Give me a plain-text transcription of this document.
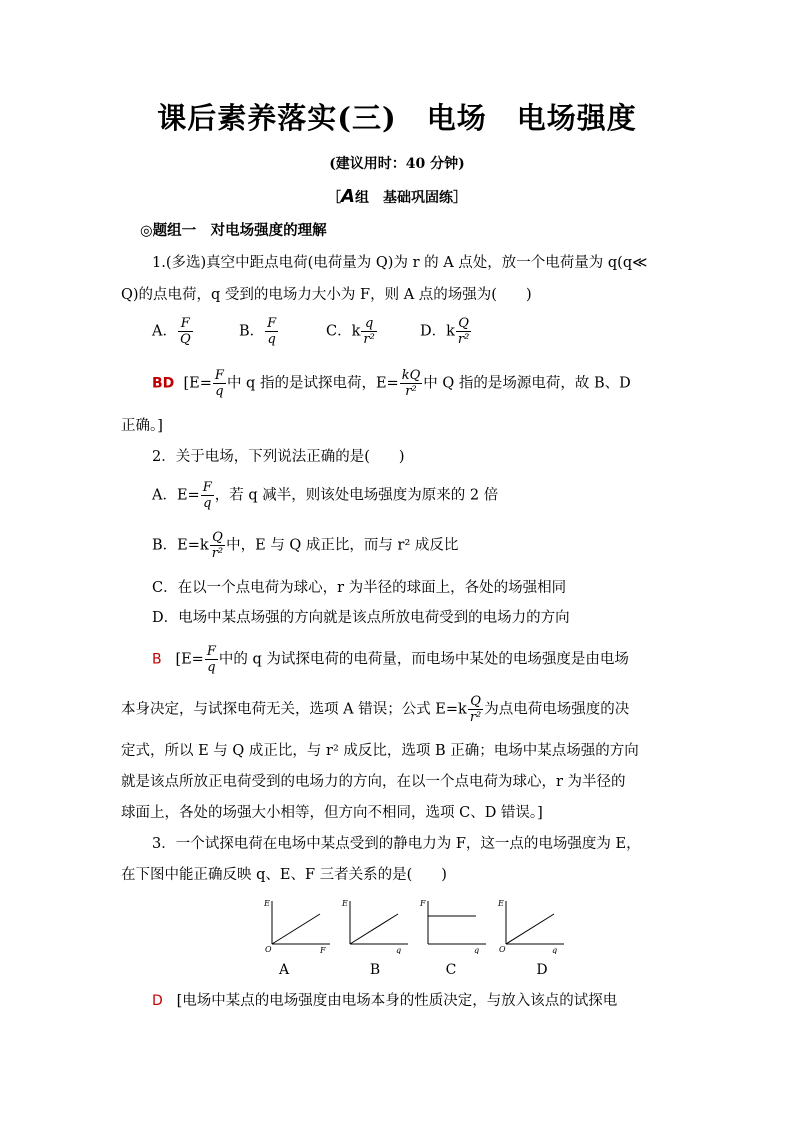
课后素养落实(三)　电场　电场强度
(建议用时：40 分钟)
［A组　基础巩固练］
◎题组一　对电场强度的理解
1.(多选)真空中距点电荷(电荷量为 Q)为 r 的 A 点处，放一个电荷量为 q(q≪
Q)的点电荷，q 受到的电场力大小为 F，则 A 点的场强为(　　)
A． $\frac{F}{Q}$	B． $\frac{F}{q}$	C．k $\frac{q}{\text{r²}}$	D．k $\frac{Q}{\text{r²}}$
BD [$E= \frac{F}{q}$ 中 q 指的是试探电荷，$E= \frac{kQ}{\text{r²}}$ 中 Q 指的是场源电荷，故 B、D
正确。]
2．关于电场，下列说法正确的是(　　)
A．$E= \frac{F}{q}$ ，若 q 减半，则该处电场强度为原来的 2 倍
B．$E=k \frac{Q}{\text{r²}}$ 中，E 与 Q 成正比，而与 r² 成反比
C．在以一个点电荷为球心，r 为半径的球面上，各处的场强相同
D．电场中某点场强的方向就是该点所放电荷受到的电场力的方向
B [$E= \frac{F}{q}$ 中的 q 为试探电荷的电荷量，而电场中某处的电场强度是由电场
本身决定，与试探电荷无关，选项 A 错误；公式 $E=k \frac{Q}{\text{r²}}$ 为点电荷电场强度的决
定式，所以 E 与 Q 成正比，与 r² 成反比，选项 B 正确；电场中某点场强的方向
就是该点所放正电荷受到的电场力的方向，在以一个点电荷为球心，r 为半径的
球面上，各处的场强大小相等，但方向不相同，选项 C、D 错误。]
3．一个试探电荷在电场中某点受到的静电力为 F，这一点的电场强度为 E，
在下图中能正确反映 q、E、F 三者关系的是(　　)
E
O	F
E
q
F
q
E
O	q
A	B	C	D
D [电场中某点的电场强度由电场本身的性质决定，与放入该点的试探电
